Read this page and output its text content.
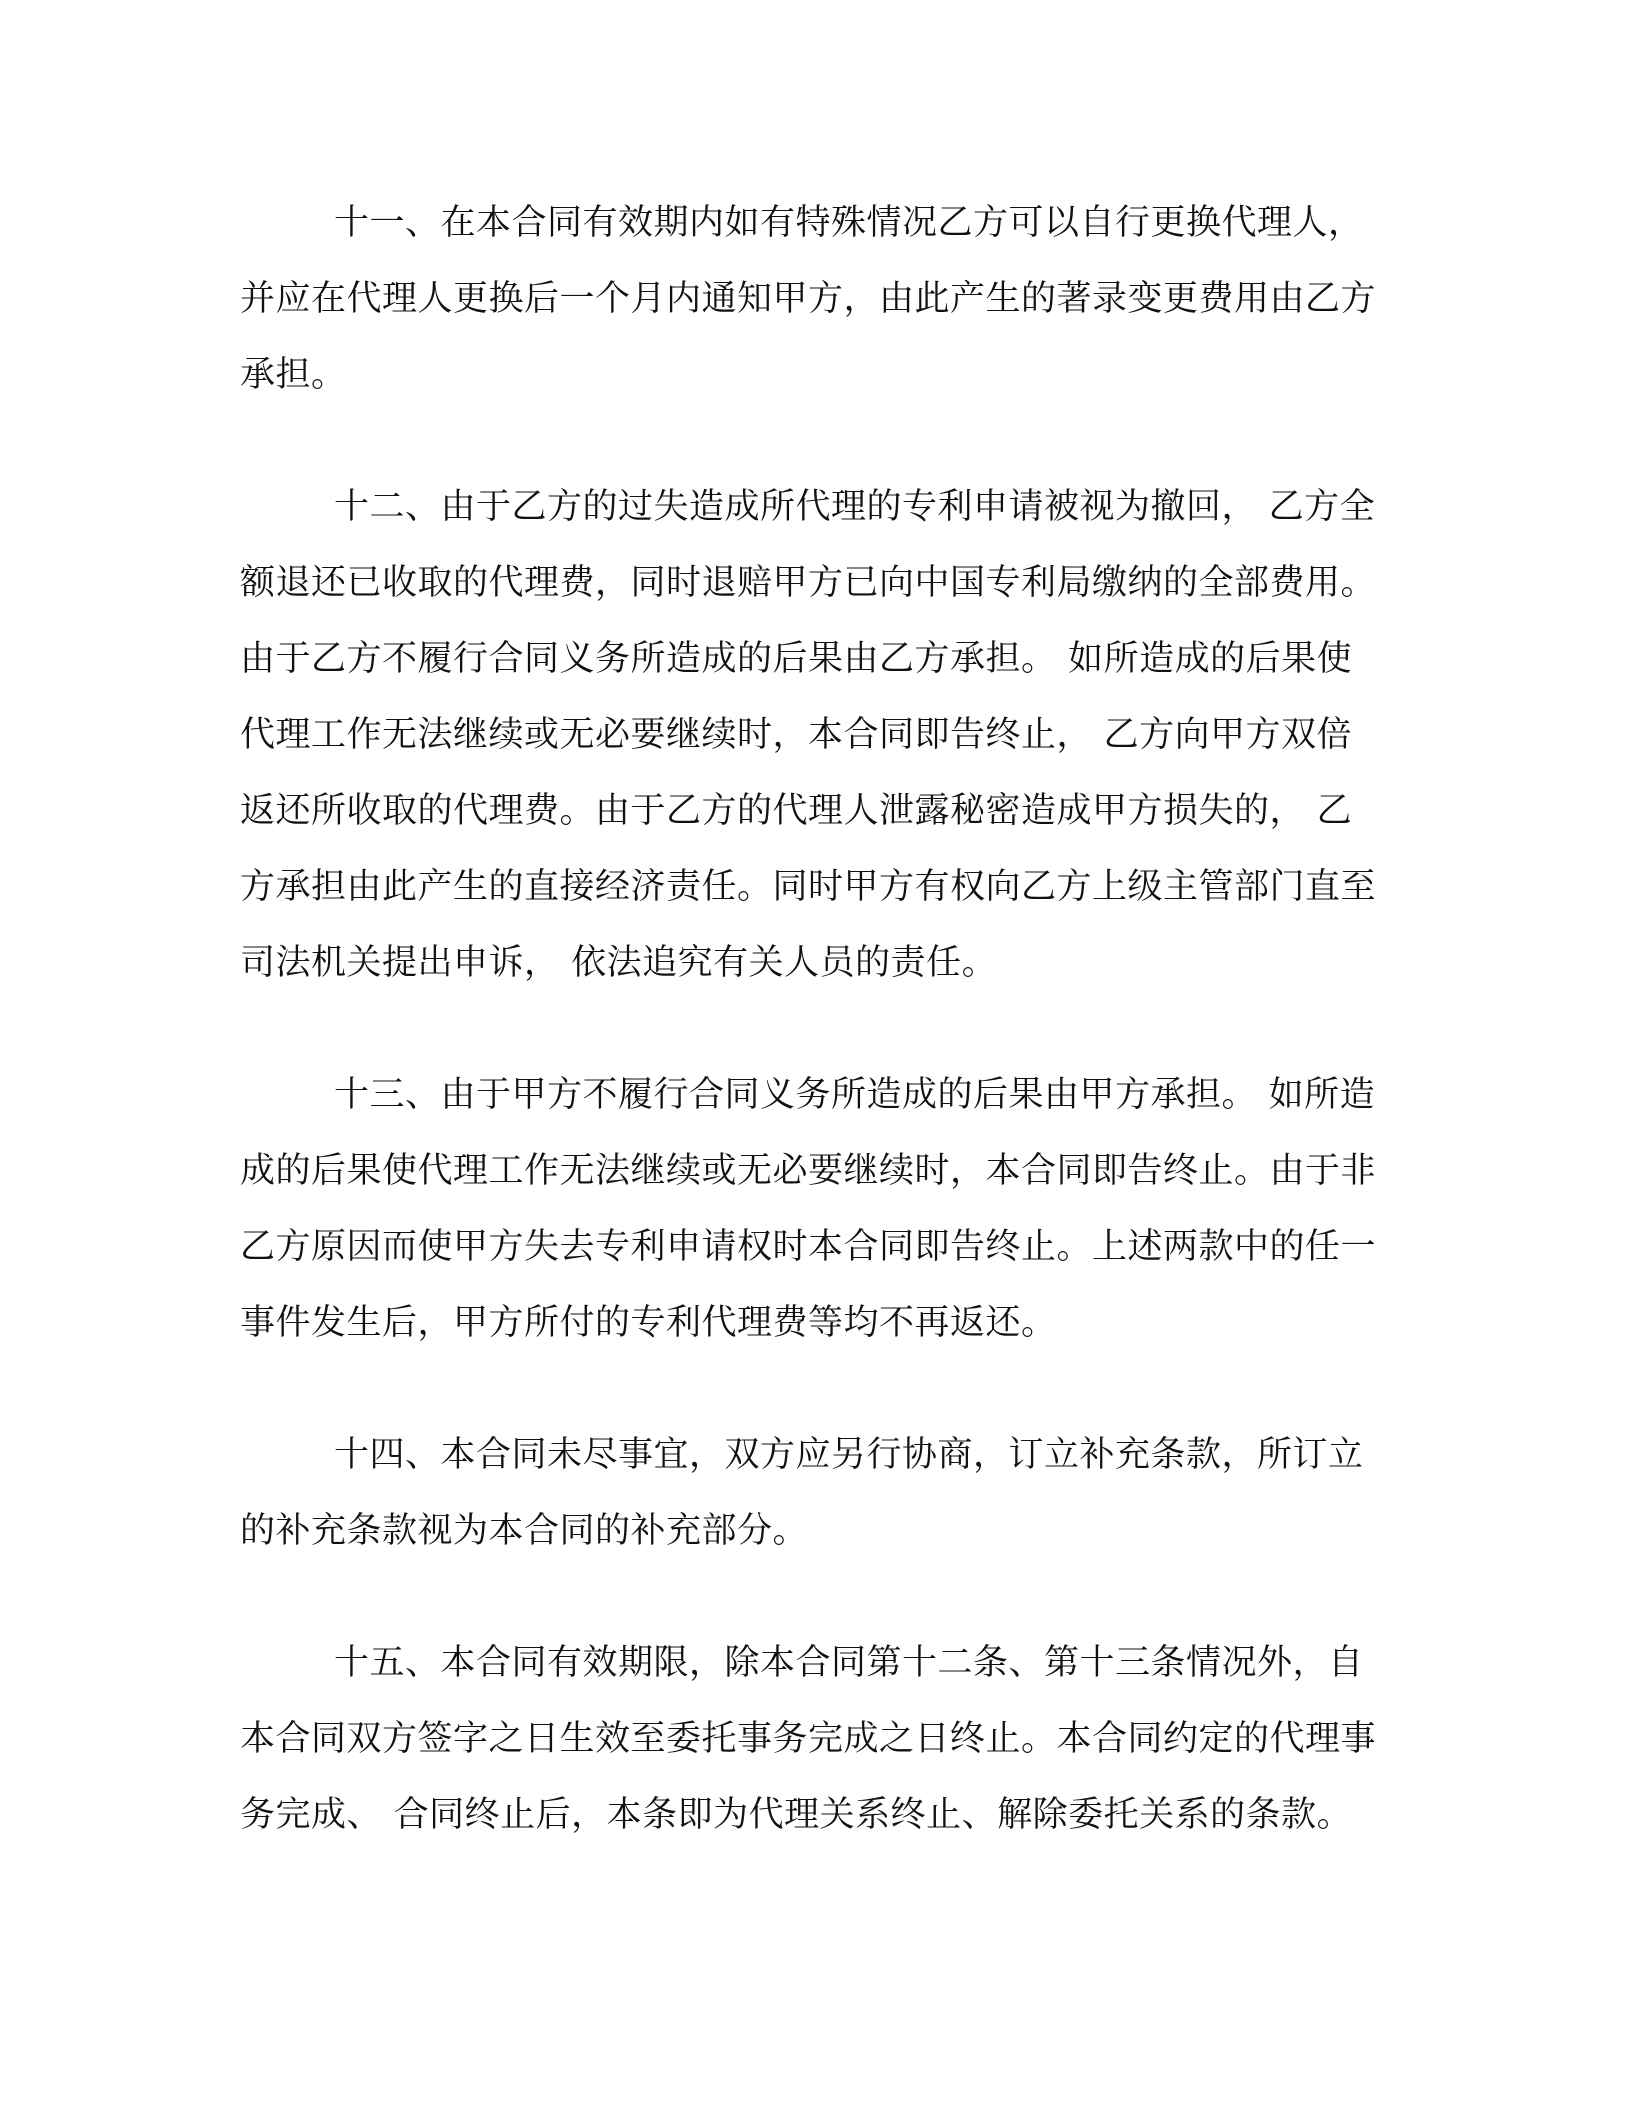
十一、在本合同有效期内如有特殊情况乙方可以自行更换代理人，并应在代理人更换后一个月内通知甲方，由此产生的著录变更费用由乙方承担。

十二、由于乙方的过失造成所代理的专利申请被视为撤回， 乙方全额退还已收取的代理费，同时退赔甲方已向中国专利局缴纳的全部费用。由于乙方不履行合同义务所造成的后果由乙方承担。 如所造成的后果使代理工作无法继续或无必要继续时，本合同即告终止， 乙方向甲方双倍返还所收取的代理费。由于乙方的代理人泄露秘密造成甲方损失的， 乙方承担由此产生的直接经济责任。同时甲方有权向乙方上级主管部门直至司法机关提出申诉， 依法追究有关人员的责任。

十三、由于甲方不履行合同义务所造成的后果由甲方承担。 如所造成的后果使代理工作无法继续或无必要继续时，本合同即告终止。由于非乙方原因而使甲方失去专利申请权时本合同即告终止。上述两款中的任一事件发生后，甲方所付的专利代理费等均不再返还。

十四、本合同未尽事宜，双方应另行协商，订立补充条款，所订立的补充条款视为本合同的补充部分。

十五、本合同有效期限，除本合同第十二条、第十三条情况外，自本合同双方签字之日生效至委托事务完成之日终止。本合同约定的代理事务完成、 合同终止后，本条即为代理关系终止、解除委托关系的条款。
